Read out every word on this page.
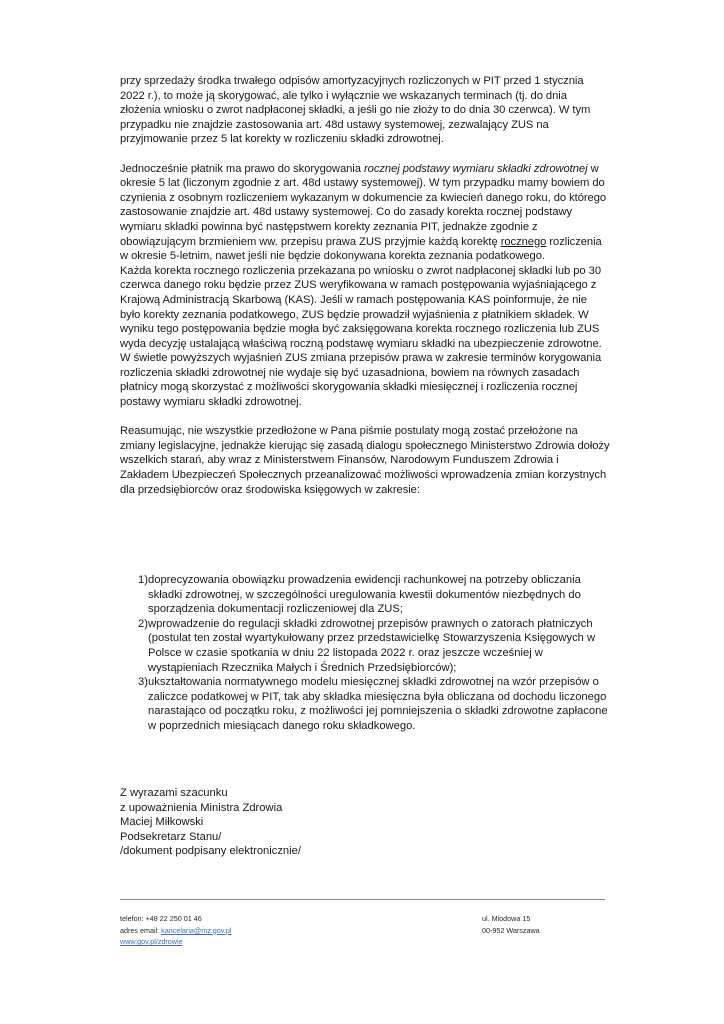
przy sprzedaży środka trwałego odpisów amortyzacyjnych rozliczonych w PIT przed 1 stycznia 2022 r.), to może ją skorygować, ale tylko i wyłącznie we wskazanych terminach (tj. do dnia złożenia wniosku o zwrot nadpłaconej składki, a jeśli go nie złoży to do dnia 30 czerwca). W tym przypadku nie znajdzie zastosowania art. 48d ustawy systemowej, zezwalający ZUS na przyjmowanie przez 5 lat korekty w rozliczeniu składki zdrowotnej.

Jednocześnie płatnik ma prawo do skorygowania rocznej podstawy wymiaru składki zdrowotnej w okresie 5 lat (liczonym zgodnie z art. 48d ustawy systemowej). W tym przypadku mamy bowiem do czynienia z osobnym rozliczeniem wykazanym w dokumencie za kwiecień danego roku, do którego zastosowanie znajdzie art. 48d ustawy systemowej. Co do zasady korekta rocznej podstawy wymiaru składki powinna być następstwem korekty zeznania PIT, jednakże zgodnie z obowiązującym brzmieniem ww. przepisu prawa ZUS przyjmie każdą korektę rocznego rozliczenia w okresie 5-letnim, nawet jeśli nie będzie dokonywana korekta zeznania podatkowego.

Każda korekta rocznego rozliczenia przekazana po wniosku o zwrot nadpłaconej składki lub po 30 czerwca danego roku będzie przez ZUS weryfikowana w ramach postępowania wyjaśniającego z Krajową Administracją Skarbową (KAS). Jeśli w ramach postępowania KAS poinformuje, że nie było korekty zeznania podatkowego, ZUS będzie prowadził wyjaśnienia z płatnikiem składek. W wyniku tego postępowania będzie mogła być zaksięgowana korekta rocznego rozliczenia lub ZUS wyda decyzję ustalającą właściwą roczną podstawę wymiaru składki na ubezpieczenie zdrowotne.

W świetle powyższych wyjaśnień ZUS zmiana przepisów prawa w zakresie terminów korygowania rozliczenia składki zdrowotnej nie wydaje się być uzasadniona, bowiem na równych zasadach płatnicy mogą skorzystać z możliwości skorygowania składki miesięcznej i rozliczenia rocznej postawy wymiaru składki zdrowotnej.

Reasumując, nie wszystkie przedłożone w Pana piśmie postulaty mogą zostać przełożone na zmiany legislacyjne, jednakże kierując się zasadą dialogu społecznego Ministerstwo Zdrowia dołoży wszelkich starań, aby wraz z Ministerstwem Finansów, Narodowym Funduszem Zdrowia i Zakładem Ubezpieczeń Społecznych przeanalizować możliwości wprowadzenia zmian korzystnych dla przedsiębiorców oraz środowiska księgowych w zakresie:

1) doprecyzowania obowiązku prowadzenia ewidencji rachunkowej na potrzeby obliczania składki zdrowotnej, w szczególności uregulowania kwestii dokumentów niezbędnych do sporządzenia dokumentacji rozliczeniowej dla ZUS;
2) wprowadzenie do regulacji składki zdrowotnej przepisów prawnych o zatorach płatniczych (postulat ten został wyartykułowany przez przedstawicielkę Stowarzyszenia Księgowych w Polsce w czasie spotkania w dniu 22 listopada 2022 r. oraz jeszcze wcześniej w wystąpieniach Rzecznika Małych i Średnich Przedsiębiorców);
3) ukształtowania normatywnego modelu miesięcznej składki zdrowotnej na wzór przepisów o zaliczce podatkowej w PIT, tak aby składka miesięczna była obliczana od dochodu liczonego narastająco od początku roku, z możliwości jej pomniejszenia o składki zdrowotne zapłacone w poprzednich miesiącach danego roku składkowego.
Z wyrazami szacunku
z upoważnienia Ministra Zdrowia
Maciej Miłkowski
Podsekretarz Stanu/
/dokument podpisany elektronicznie/
telefon: +48 22 250 01 46
adres email: kancelaria@mz.gov.pl
www.gov.pl/zdrowie
ul. Miodowa 15
00-952 Warszawa
